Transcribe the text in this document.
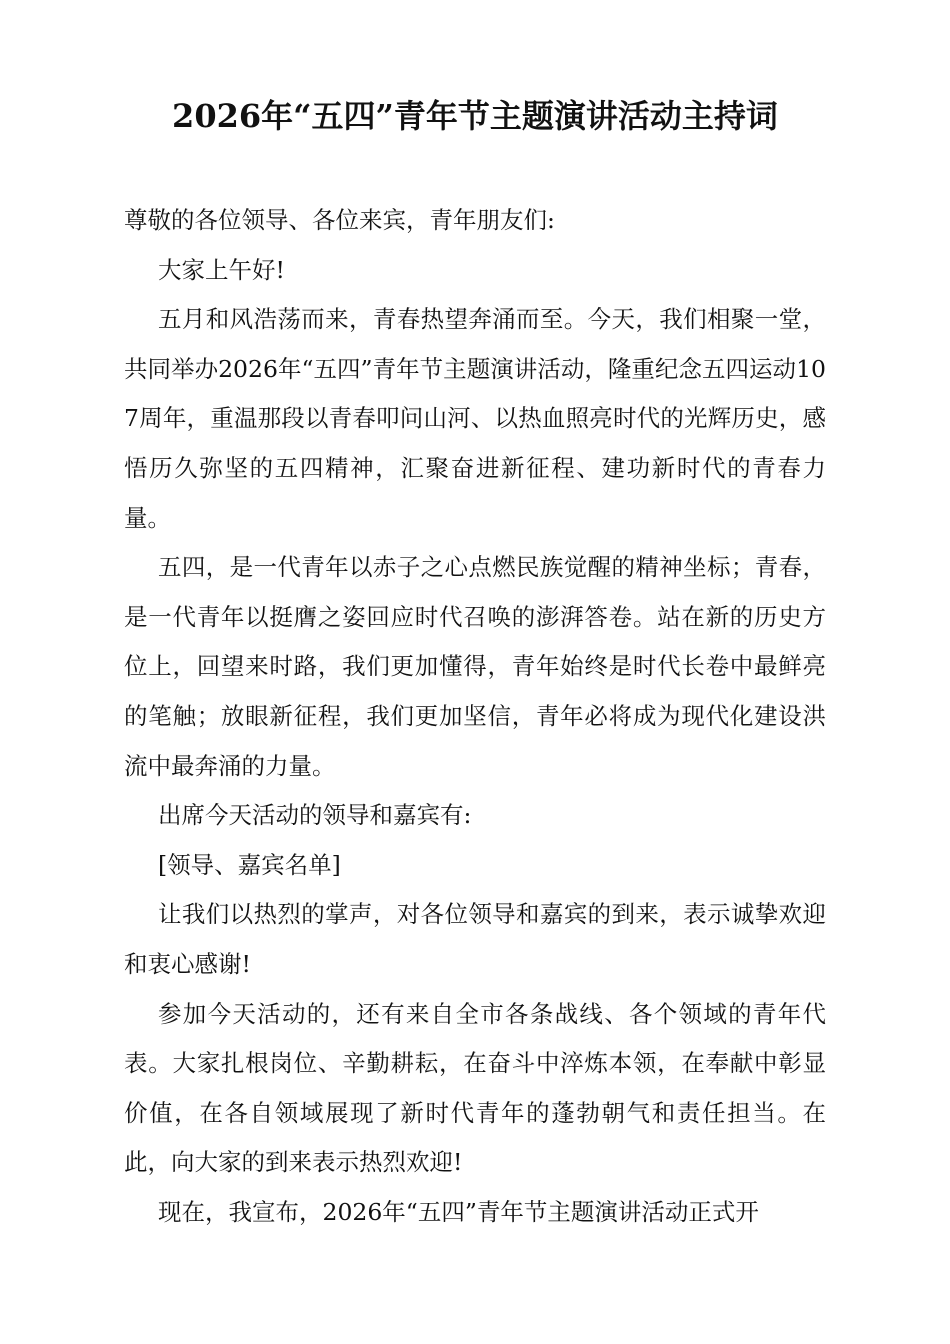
2026年“五四”青年节主题演讲活动主持词

尊敬的各位领导、各位来宾，青年朋友们:

大家上午好!

五月和风浩荡而来，青春热望奔涌而至。今天，我们相聚一堂，共同举办2026年“五四”青年节主题演讲活动，隆重纪念五四运动107周年，重温那段以青春叩问山河、以热血照亮时代的光辉历史，感悟历久弥坚的五四精神，汇聚奋进新征程、建功新时代的青春力量。

五四，是一代青年以赤子之心点燃民族觉醒的精神坐标；青春，是一代青年以挺膺之姿回应时代召唤的澎湃答卷。站在新的历史方位上，回望来时路，我们更加懂得，青年始终是时代长卷中最鲜亮的笔触；放眼新征程，我们更加坚信，青年必将成为现代化建设洪流中最奔涌的力量。

出席今天活动的领导和嘉宾有:

[领导、嘉宾名单]

让我们以热烈的掌声，对各位领导和嘉宾的到来，表示诚挚欢迎和衷心感谢!

参加今天活动的，还有来自全市各条战线、各个领域的青年代表。大家扎根岗位、辛勤耕耘，在奋斗中淬炼本领，在奉献中彰显价值，在各自领域展现了新时代青年的蓬勃朝气和责任担当。在此，向大家的到来表示热烈欢迎!

现在，我宣布，2026年“五四”青年节主题演讲活动正式开
